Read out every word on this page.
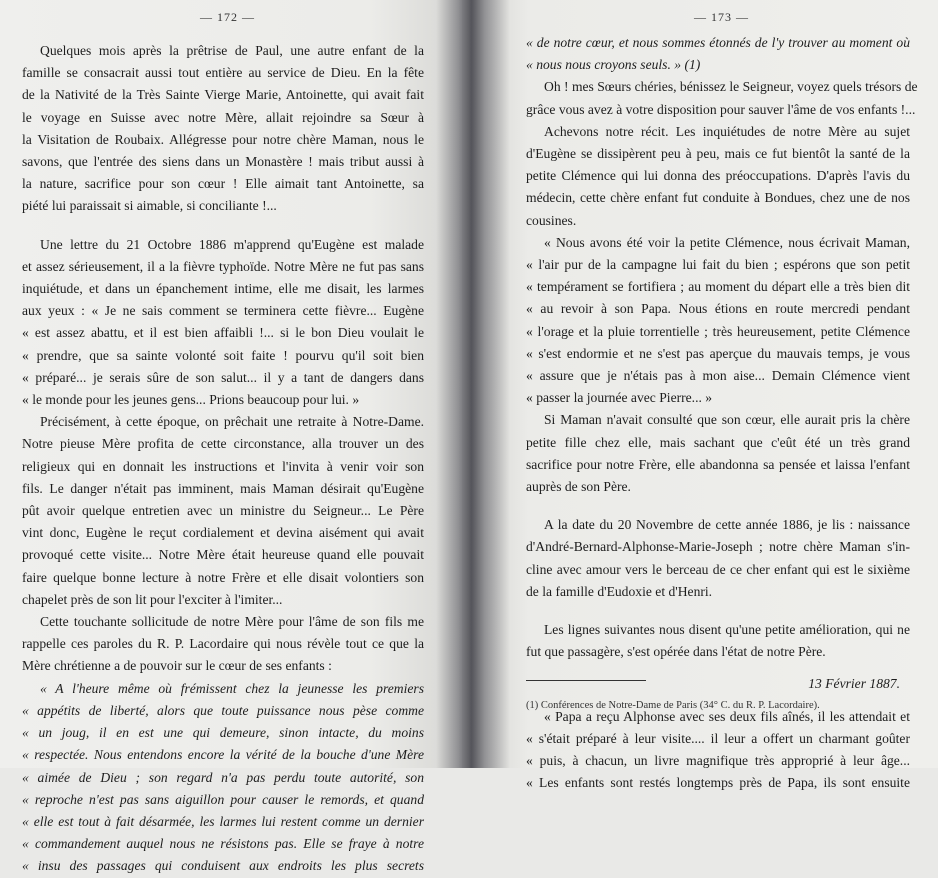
— 172 —
Quelques mois après la prêtrise de Paul, une autre enfant de la
famille se consacrait aussi tout entière au service de Dieu. En la fête
de la Nativité de la Très Sainte Vierge Marie, Antoinette, qui avait fait
le voyage en Suisse avec notre Mère, allait rejoindre sa Sœur à
la Visitation de Roubaix. Allégresse pour notre chère Maman, nous le
savons, que l'entrée des siens dans un Monastère ! mais tribut aussi à
la nature, sacrifice pour son cœur ! Elle aimait tant Antoinette, sa
piété lui paraissait si aimable, si conciliante !...
Une lettre du 21 Octobre 1886 m'apprend qu'Eugène est malade
et assez sérieusement, il a la fièvre typhoïde. Notre Mère ne fut pas sans
inquiétude, et dans un épanchement intime, elle me disait, les larmes
aux yeux : « Je ne sais comment se terminera cette fièvre... Eugène
« est assez abattu, et il est bien affaibli !... si le bon Dieu voulait le
« prendre, que sa sainte volonté soit faite ! pourvu qu'il soit bien
« préparé... je serais sûre de son salut... il y a tant de dangers dans
« le monde pour les jeunes gens... Prions beaucoup pour lui. »
Précisément, à cette époque, on prêchait une retraite à Notre-Dame.
Notre pieuse Mère profita de cette circonstance, alla trouver un des
religieux qui en donnait les instructions et l'invita à venir voir son
fils. Le danger n'était pas imminent, mais Maman désirait qu'Eugène
pût avoir quelque entretien avec un ministre du Seigneur... Le Père
vint donc, Eugène le reçut cordialement et devina aisément qui avait
provoqué cette visite... Notre Mère était heureuse quand elle pouvait
faire quelque bonne lecture à notre Frère et elle disait volontiers son
chapelet près de son lit pour l'exciter à l'imiter...
Cette touchante sollicitude de notre Mère pour l'âme de son fils me
rappelle ces paroles du R. P. Lacordaire qui nous révèle tout ce que la
Mère chrétienne a de pouvoir sur le cœur de ses enfants :
« A l'heure même où frémissent chez la jeunesse les premiers
« appétits de liberté, alors que toute puissance nous pèse comme
« un joug, il en est une qui demeure, sinon intacte, du moins
« respectée. Nous entendons encore la vérité de la bouche d'une Mère
« aimée de Dieu ; son regard n'a pas perdu toute autorité, son
« reproche n'est pas sans aiguillon pour causer le remords, et quand
« elle est tout à fait désarmée, les larmes lui restent comme un dernier
« commandement auquel nous ne résistons pas. Elle se fraye à notre
« insu des passages qui conduisent aux endroits les plus secrets
— 173 —
« de notre cœur, et nous sommes étonnés de l'y trouver au moment où
« nous nous croyons seuls. » (1)
Oh ! mes Sœurs chéries, bénissez le Seigneur, voyez quels trésors de
grâce vous avez à votre disposition pour sauver l'âme de vos enfants !...
Achevons notre récit. Les inquiétudes de notre Mère au sujet
d'Eugène se dissipèrent peu à peu, mais ce fut bientôt la santé de la
petite Clémence qui lui donna des préoccupations. D'après l'avis du
médecin, cette chère enfant fut conduite à Bondues, chez une de nos
cousines.
« Nous avons été voir la petite Clémence, nous écrivait Maman,
« l'air pur de la campagne lui fait du bien ; espérons que son petit
« tempérament se fortifiera ; au moment du départ elle a très bien dit
« au revoir à son Papa. Nous étions en route mercredi pendant
« l'orage et la pluie torrentielle ; très heureusement, petite Clémence
« s'est endormie et ne s'est pas aperçue du mauvais temps, je vous
« assure que je n'étais pas à mon aise... Demain Clémence vient
« passer la journée avec Pierre... »
Si Maman n'avait consulté que son cœur, elle aurait pris la chère
petite fille chez elle, mais sachant que c'eût été un très grand
sacrifice pour notre Frère, elle abandonna sa pensée et laissa l'enfant
auprès de son Père.
A la date du 20 Novembre de cette année 1886, je lis : naissance
d'André-Bernard-Alphonse-Marie-Joseph ; notre chère Maman s'in-
cline avec amour vers le berceau de ce cher enfant qui est le sixième
de la famille d'Eudoxie et d'Henri.
Les lignes suivantes nous disent qu'une petite amélioration, qui ne
fut que passagère, s'est opérée dans l'état de notre Père.
13 Février 1887.
« Papa a reçu Alphonse avec ses deux fils aînés, il les attendait et
« s'était préparé à leur visite.... il leur a offert un charmant goûter
« puis, à chacun, un livre magnifique très approprié à leur âge...
« Les enfants sont restés longtemps près de Papa, ils sont ensuite
(1) Conférences de Notre-Dame de Paris (34° C. du R. P. Lacordaire).
